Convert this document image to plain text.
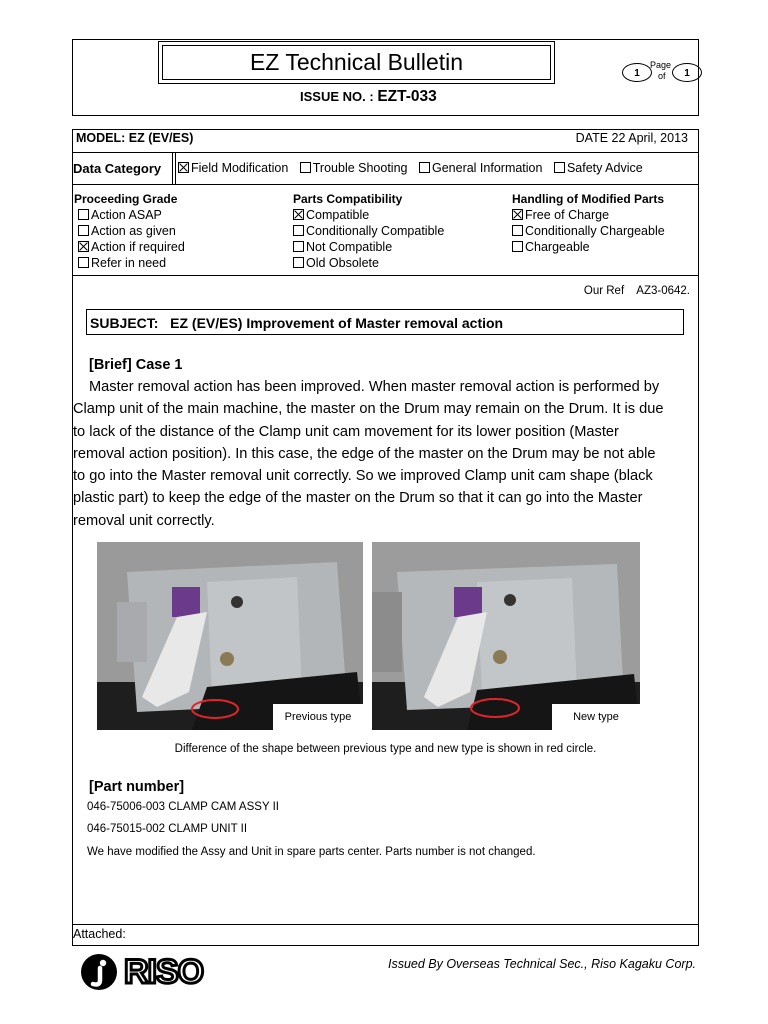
EZ Technical Bulletin
ISSUE NO. : EZT-033
1	1
Page
of
MODEL: EZ (EV/ES)	DATE 22 April, 2013
Data Category	Field Modification Trouble Shooting General Information Safety Advice
Proceeding Grade
Action ASAP
Action as given
Action if required
Refer in need
Parts Compatibility
Compatible
Conditionally Compatible
Not Compatible
Old Obsolete
Handling of Modified Parts
Free of Charge
Conditionally Chargeable
Chargeable
Our Ref    AZ3-0642.
SUBJECT:   EZ (EV/ES) Improvement of Master removal action
[Brief] Case 1
Master removal action has been improved. When master removal action is performed by
Clamp unit of the main machine, the master on the Drum may remain on the Drum. It is due
to lack of the distance of the Clamp unit cam movement for its lower position (Master
removal action position). In this case, the edge of the master on the Drum may be not able
to go into the Master removal unit correctly. So we improved Clamp unit cam shape (black
plastic part) to keep the edge of the master on the Drum so that it can go into the Master
removal unit correctly.
Previous type	New type
Difference of the shape between previous type and new type is shown in red circle.
[Part number]
046-75006-003 CLAMP CAM ASSY II
046-75015-002 CLAMP UNIT II
We have modified the Assy and Unit in spare parts center. Parts number is not changed.
Attached:
RISO	Issued By Overseas Technical Sec., Riso Kagaku Corp.
